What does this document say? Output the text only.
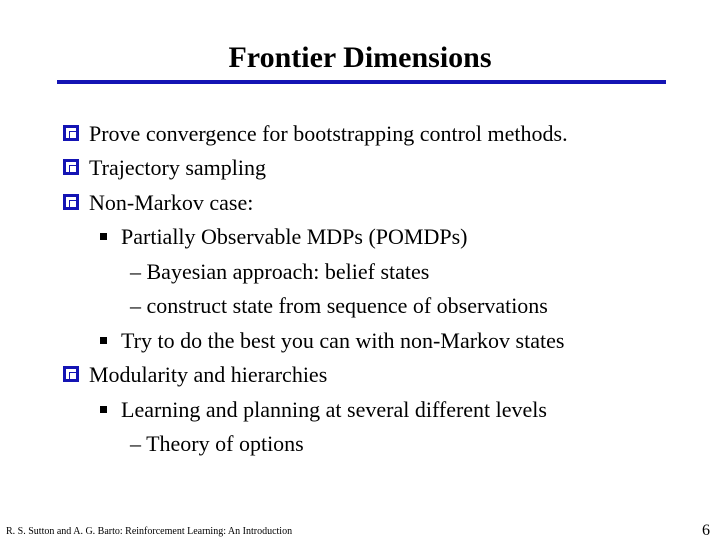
Frontier Dimensions
Prove convergence for bootstrapping control methods.
Trajectory sampling
Non-Markov case:
Partially Observable MDPs (POMDPs)
– Bayesian approach: belief states
– construct state from sequence of observations
Try to do the best you can with non-Markov states
Modularity and hierarchies
Learning and planning at several different levels
– Theory of options
R. S. Sutton and A. G. Barto: Reinforcement Learning: An Introduction	6
